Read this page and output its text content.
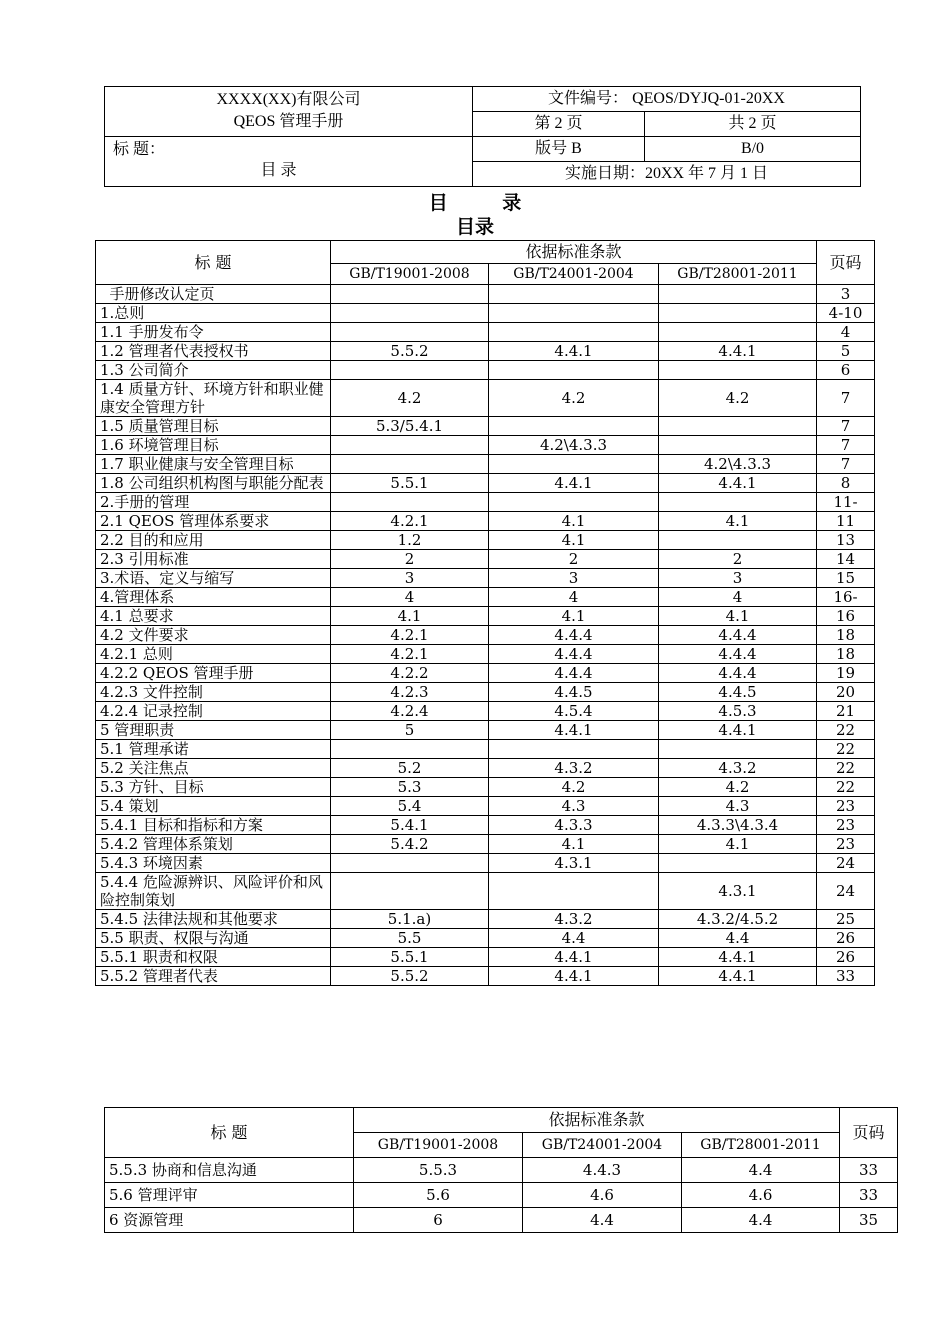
XXXX(XX)有限公司
QEOS 管理手册	文件编号： QEOS/DYJQ-01-20XX	
	第 2 页	共 2 页

标 题：
目 录	版号 B	B/0
	实施日期：20XX 年 7 月 1 日	
目 录
目录
标 题	依据标准条款			页码
	GB/T19001-2008	GB/T24001-2004	GB/T28001-2011	
手册修改认定页				3
1.总则				4-10
1.1 手册发布令				4
1.2 管理者代表授权书	5.5.2	4.4.1	4.4.1	5
1.3 公司简介				6
1.4 质量方针、环境方针和职业健康安全管理方针	4.2	4.2	4.2	7
1.5 质量管理目标	5.3/5.4.1			7
1.6 环境管理目标		4.2\4.3.3		7
1.7 职业健康与安全管理目标			4.2\4.3.3	7
1.8 公司组织机构图与职能分配表	5.5.1	4.4.1	4.4.1	8
2.手册的管理				11-
2.1 QEOS 管理体系要求	4.2.1	4.1	4.1	11
2.2 目的和应用	1.2	4.1		13
2.3 引用标准	2	2	2	14
3.术语、定义与缩写	3	3	3	15
4.管理体系	4	4	4	16-
4.1 总要求	4.1	4.1	4.1	16
4.2 文件要求	4.2.1	4.4.4	4.4.4	18
4.2.1 总则	4.2.1	4.4.4	4.4.4	18
4.2.2 QEOS 管理手册	4.2.2	4.4.4	4.4.4	19
4.2.3 文件控制	4.2.3	4.4.5	4.4.5	20
4.2.4 记录控制	4.2.4	4.5.4	4.5.3	21
5 管理职责	5	4.4.1	4.4.1	22
5.1 管理承诺				22
5.2 关注焦点	5.2	4.3.2	4.3.2	22
5.3 方针、目标	5.3	4.2	4.2	22
5.4 策划	5.4	4.3	4.3	23
5.4.1 目标和指标和方案	5.4.1	4.3.3	4.3.3\4.3.4	23
5.4.2 管理体系策划	5.4.2	4.1	4.1	23
5.4.3 环境因素		4.3.1		24
5.4.4 危险源辨识、风险评价和风险控制策划			4.3.1	24
5.4.5 法律法规和其他要求	5.1.a)	4.3.2	4.3.2/4.5.2	25
5.5 职责、权限与沟通	5.5	4.4	4.4	26
5.5.1 职责和权限	5.5.1	4.4.1	4.4.1	26
5.5.2 管理者代表	5.5.2	4.4.1	4.4.1	33
标 题	依据标准条款			页码
	GB/T19001-2008	GB/T24001-2004	GB/T28001-2011	
5.5.3 协商和信息沟通	5.5.3	4.4.3	4.4	33
5.6 管理评审	5.6	4.6	4.6	33
6 资源管理	6	4.4	4.4	35
